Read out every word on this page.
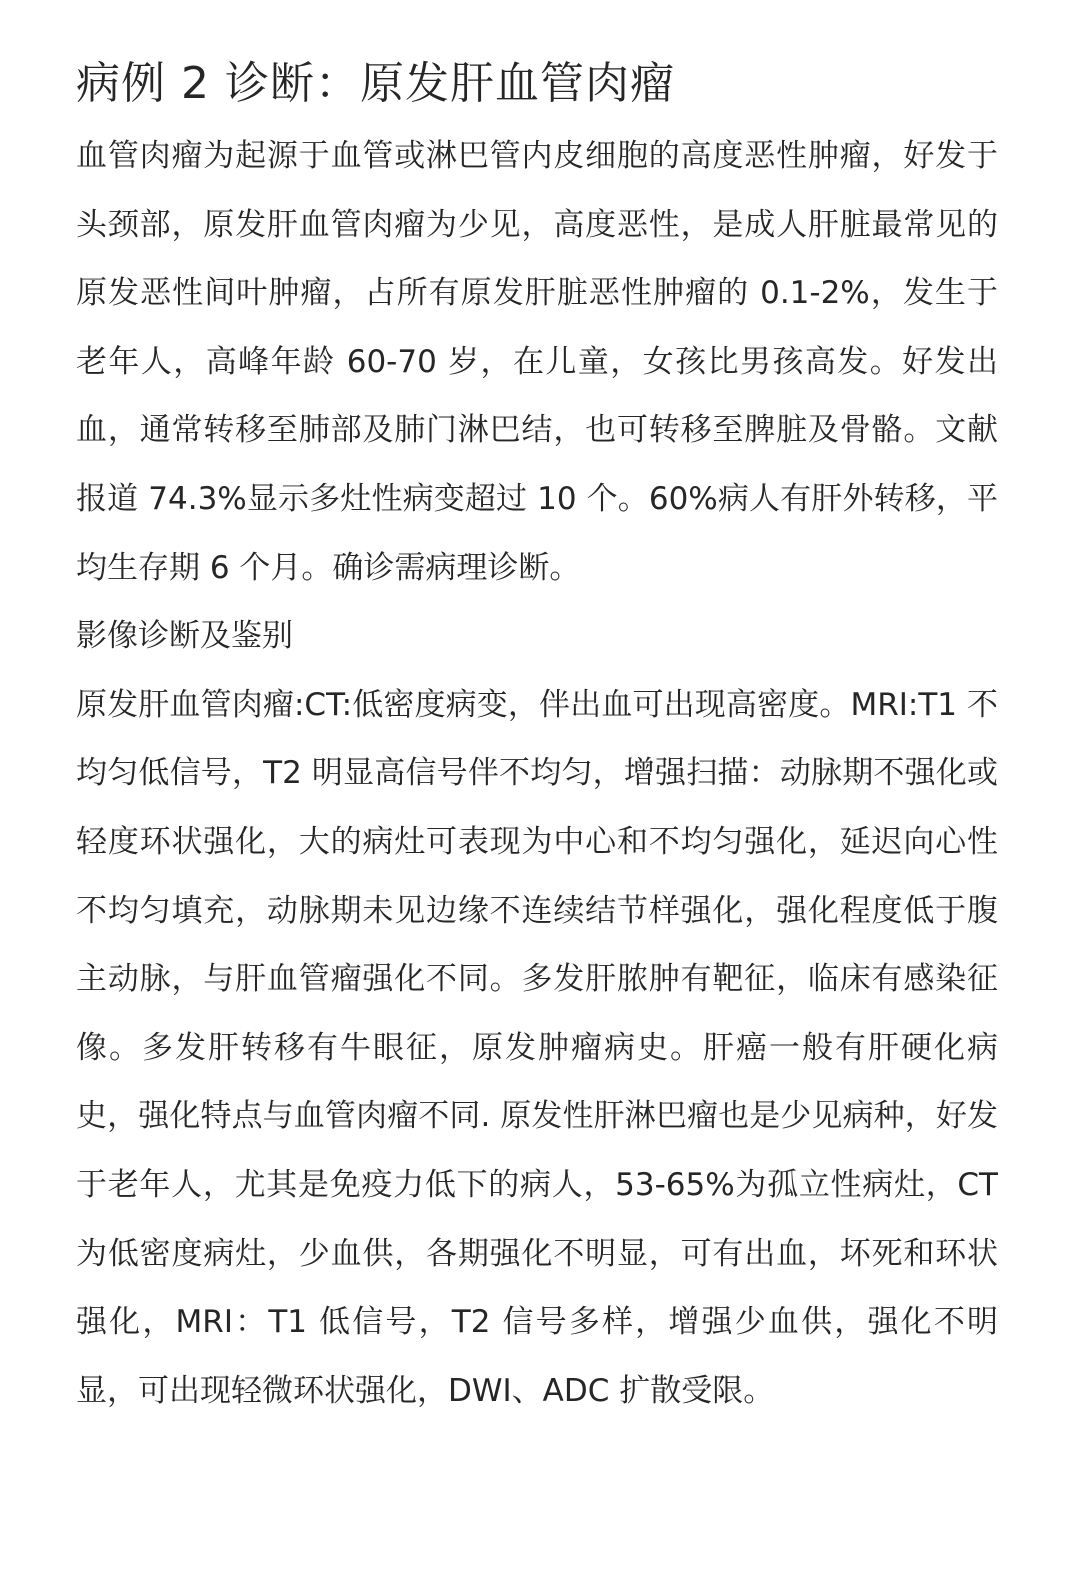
病例 2 诊断：原发肝血管肉瘤

血管肉瘤为起源于血管或淋巴管内皮细胞的高度恶性肿瘤，好发于头颈部，原发肝血管肉瘤为少见，高度恶性，是成人肝脏最常见的原发恶性间叶肿瘤，占所有原发肝脏恶性肿瘤的 0.1-2%，发生于老年人，高峰年龄 60-70 岁，在儿童，女孩比男孩高发。好发出血，通常转移至肺部及肺门淋巴结，也可转移至脾脏及骨骼。文献报道 74.3%显示多灶性病变超过 10 个。60%病人有肝外转移，平均生存期 6 个月。确诊需病理诊断。

影像诊断及鉴别

原发肝血管肉瘤:CT:低密度病变，伴出血可出现高密度。MRI:T1 不均匀低信号，T2 明显高信号伴不均匀，增强扫描：动脉期不强化或轻度环状强化，大的病灶可表现为中心和不均匀强化，延迟向心性不均匀填充，动脉期未见边缘不连续结节样强化，强化程度低于腹主动脉，与肝血管瘤强化不同。多发肝脓肿有靶征，临床有感染征像。多发肝转移有牛眼征，原发肿瘤病史。肝癌一般有肝硬化病史，强化特点与血管肉瘤不同. 原发性肝淋巴瘤也是少见病种，好发于老年人，尤其是免疫力低下的病人，53-65%为孤立性病灶，CT 为低密度病灶，少血供，各期强化不明显，可有出血，坏死和环状强化，MRI：T1 低信号，T2 信号多样，增强少血供，强化不明显，可出现轻微环状强化，DWI、ADC 扩散受限。
